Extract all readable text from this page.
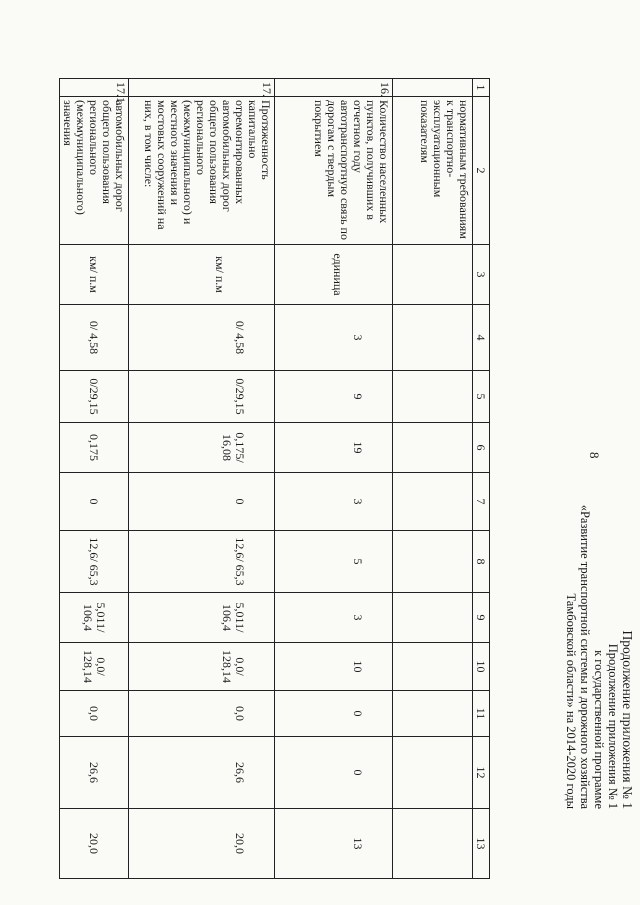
8
Продолжение приложения № 1
Продолжение приложения № 1
к государственной программе
«Развитие транспортной системы и дорожного хозяйства
Тамбовской области» на 2014-2020 годы
1	2	3	4	5	6	7	8	9	10	11	12	13
	нормативным требованиям к транспортно-эксплуатационным показателям											
16.	Количество населенных пунктов, получивших в отчетном году автотранспортную связь по дорогам с твердым покрытием	единица	3	9	19	3	5	3	10	0	0	13
17.	Протяженность капитально отремонтированных автомобильных дорог общего пользования регионального (межмуниципального) и местного значения и мостовых сооружений на них, в том числе:	км/ п.м	0/ 4,58	0/29,15	0,175/ 16,08	0	12,6/ 65,3	5,011/ 106,4	0,0/ 128,14	0,0	26,6	20,0
17.1.	автомобильных дорог общего пользования регионального (межмуниципального) значения	км/ п.м	0/ 4,58	0/29,15	0,175	0	12,6/ 65,3	5,011/ 106,4	0,0/ 128,14	0,0	26,6	20,0
